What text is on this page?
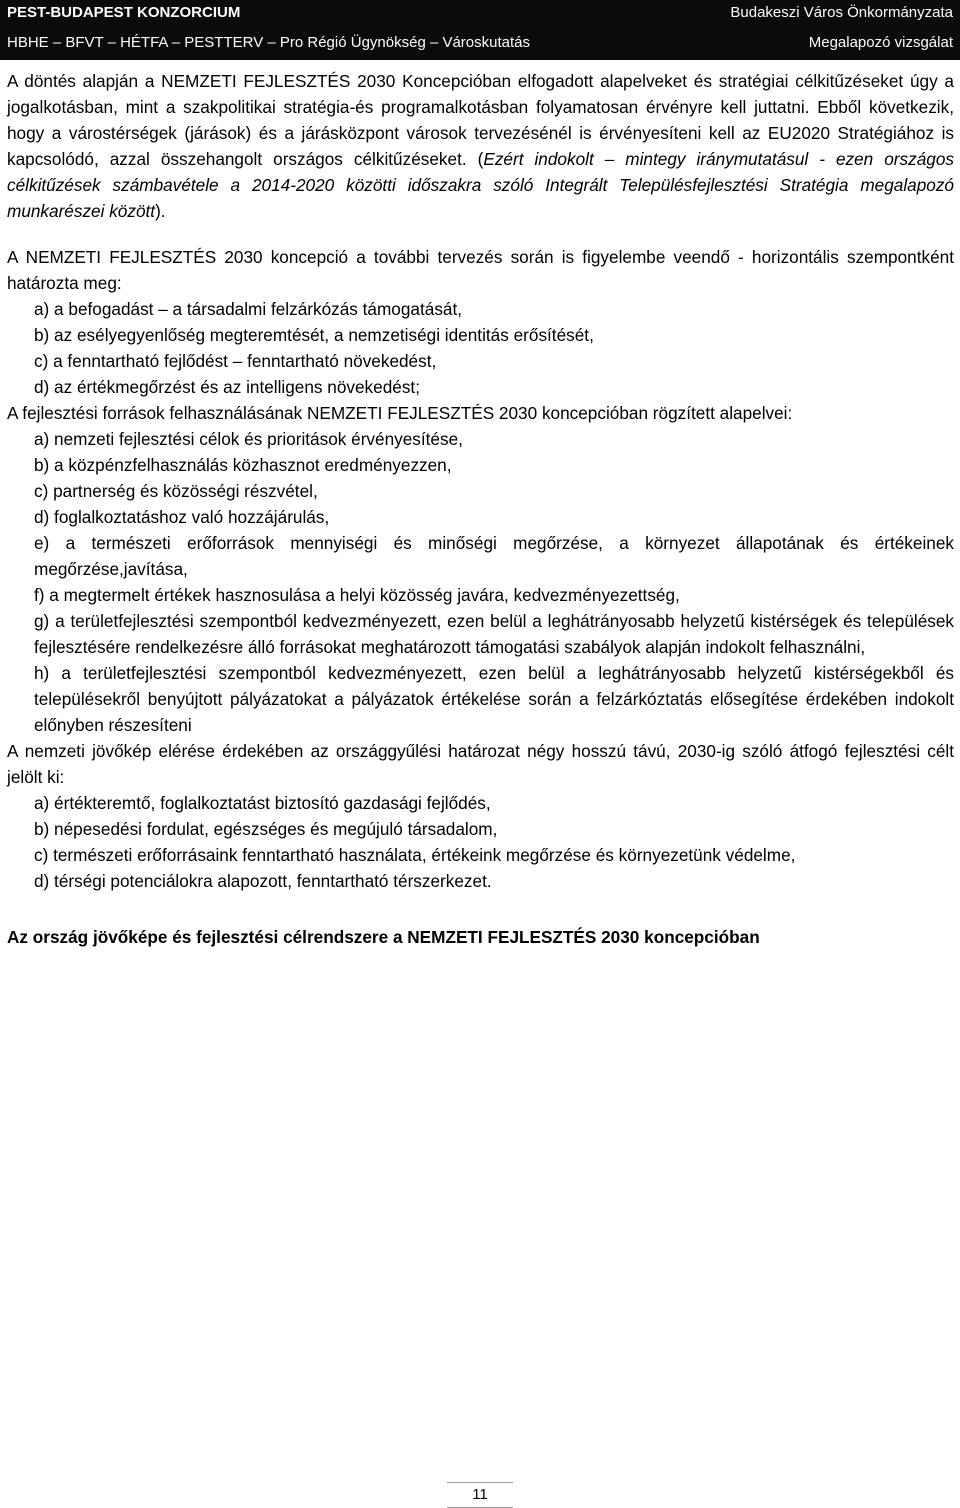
PEST-BUDAPEST KONZORCIUM	Budakeszi Város Önkormányzata
HBHE – BFVT – HÉTFA – PESTTERV – Pro Régió Ügynökség – Városkutatás	Megalapozó vizsgálat

A döntés alapján a NEMZETI FEJLESZTÉS 2030 Koncepcióban elfogadott alapelveket és stratégiai célkitűzéseket úgy a jogalkotásban, mint a szakpolitikai stratégia-és programalkotásban folyamatosan érvényre kell juttatni. Ebből következik, hogy a várostérségek (járások) és a járásközpont városok tervezésénél is érvényesíteni kell az EU2020 Stratégiához is kapcsolódó, azzal összehangolt országos célkitűzéseket. (Ezért indokolt – mintegy iránymutatásul - ezen országos célkitűzések számbavétele a 2014-2020 közötti időszakra szóló Integrált Településfejlesztési Stratégia megalapozó munkarészei között).

A NEMZETI FEJLESZTÉS 2030 koncepció a további tervezés során is figyelembe veendő - horizontális szempontként határozta meg:
a) a befogadást – a társadalmi felzárkózás támogatását,
b) az esélyegyenlőség megteremtését, a nemzetiségi identitás erősítését,
c) a fenntartható fejlődést – fenntartható növekedést,
d) az értékmegőrzést és az intelligens növekedést;
A fejlesztési források felhasználásának NEMZETI FEJLESZTÉS 2030 koncepcióban rögzített alapelvei:
a) nemzeti fejlesztési célok és prioritások érvényesítése,
b) a közpénzfelhasználás közhasznot eredményezzen,
c) partnerség és közösségi részvétel,
d) foglalkoztatáshoz való hozzájárulás,
e) a természeti erőforrások mennyiségi és minőségi megőrzése, a környezet állapotának és értékeinek megőrzése,javítása,
f) a megtermelt értékek hasznosulása a helyi közösség javára, kedvezményezettség,
g) a területfejlesztési szempontból kedvezményezett, ezen belül a leghátrányosabb helyzetű kistérségek és települések fejlesztésére rendelkezésre álló forrásokat meghatározott támogatási szabályok alapján indokolt felhasználni,
h) a területfejlesztési szempontból kedvezményezett, ezen belül a leghátrányosabb helyzetű kistérségekből és településekről benyújtott pályázatokat a pályázatok értékelése során a felzárkóztatás elősegítése érdekében indokolt előnyben részesíteni
A nemzeti jövőkép elérése érdekében az országgyűlési határozat négy hosszú távú, 2030-ig szóló átfogó fejlesztési célt jelölt ki:
a) értékteremtő, foglalkoztatást biztosító gazdasági fejlődés,
b) népesedési fordulat, egészséges és megújuló társadalom,
c) természeti erőforrásaink fenntartható használata, értékeink megőrzése és környezetünk védelme,
d) térségi potenciálokra alapozott, fenntartható térszerkezet.
Az ország jövőképe és fejlesztési célrendszere a NEMZETI FEJLESZTÉS 2030 koncepcióban
11
